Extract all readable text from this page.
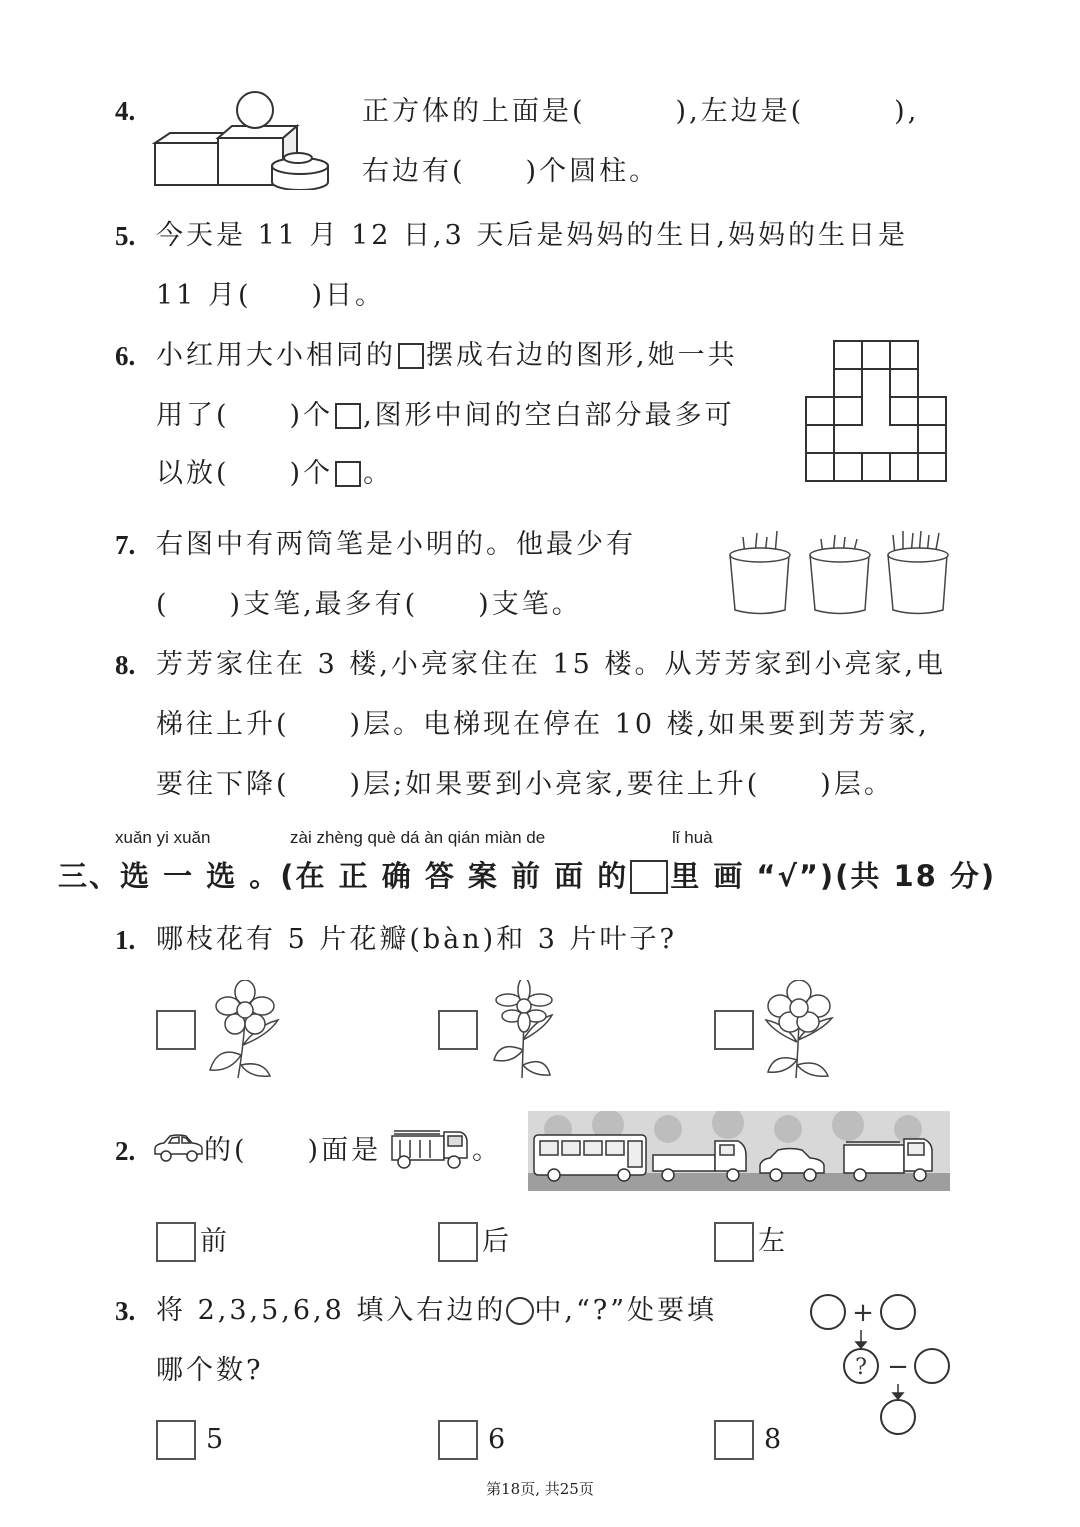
4.	正方体的上面是(　　　),左边是(　　　),
右边有(　　)个圆柱。
5. 今天是 11 月 12 日,3 天后是妈妈的生日,妈妈的生日是
11 月(　　)日。
6. 小红用大小相同的 摆成右边的图形,她一共
用了(　　)个 ,图形中间的空白部分最多可
以放(　　)个 。
7. 右图中有两筒笔是小明的。他最少有
(　　)支笔,最多有(　　)支笔。
8. 芳芳家住在 3 楼,小亮家住在 15 楼。从芳芳家到小亮家,电
梯往上升(　　)层。电梯现在停在 10 楼,如果要到芳芳家,
要往下降(　　)层;如果要到小亮家,要往上升(　　)层。
xuǎn yi xuǎn	zài zhèng què dá àn qián miàn de	lǐ huà
三、选 一 选 。(在 正 确 答 案 前 面 的 里 画 “√”)(共 18 分)
1. 哪枝花有 5 片花瓣(bàn)和 3 片叶子?
2.	的(　　)面是	。
前	后	左
3. 将 2,3,5,6,8 填入右边的 中,“?”处要填
哪个数?
+
−
?
5	6	8
第18页, 共25页
